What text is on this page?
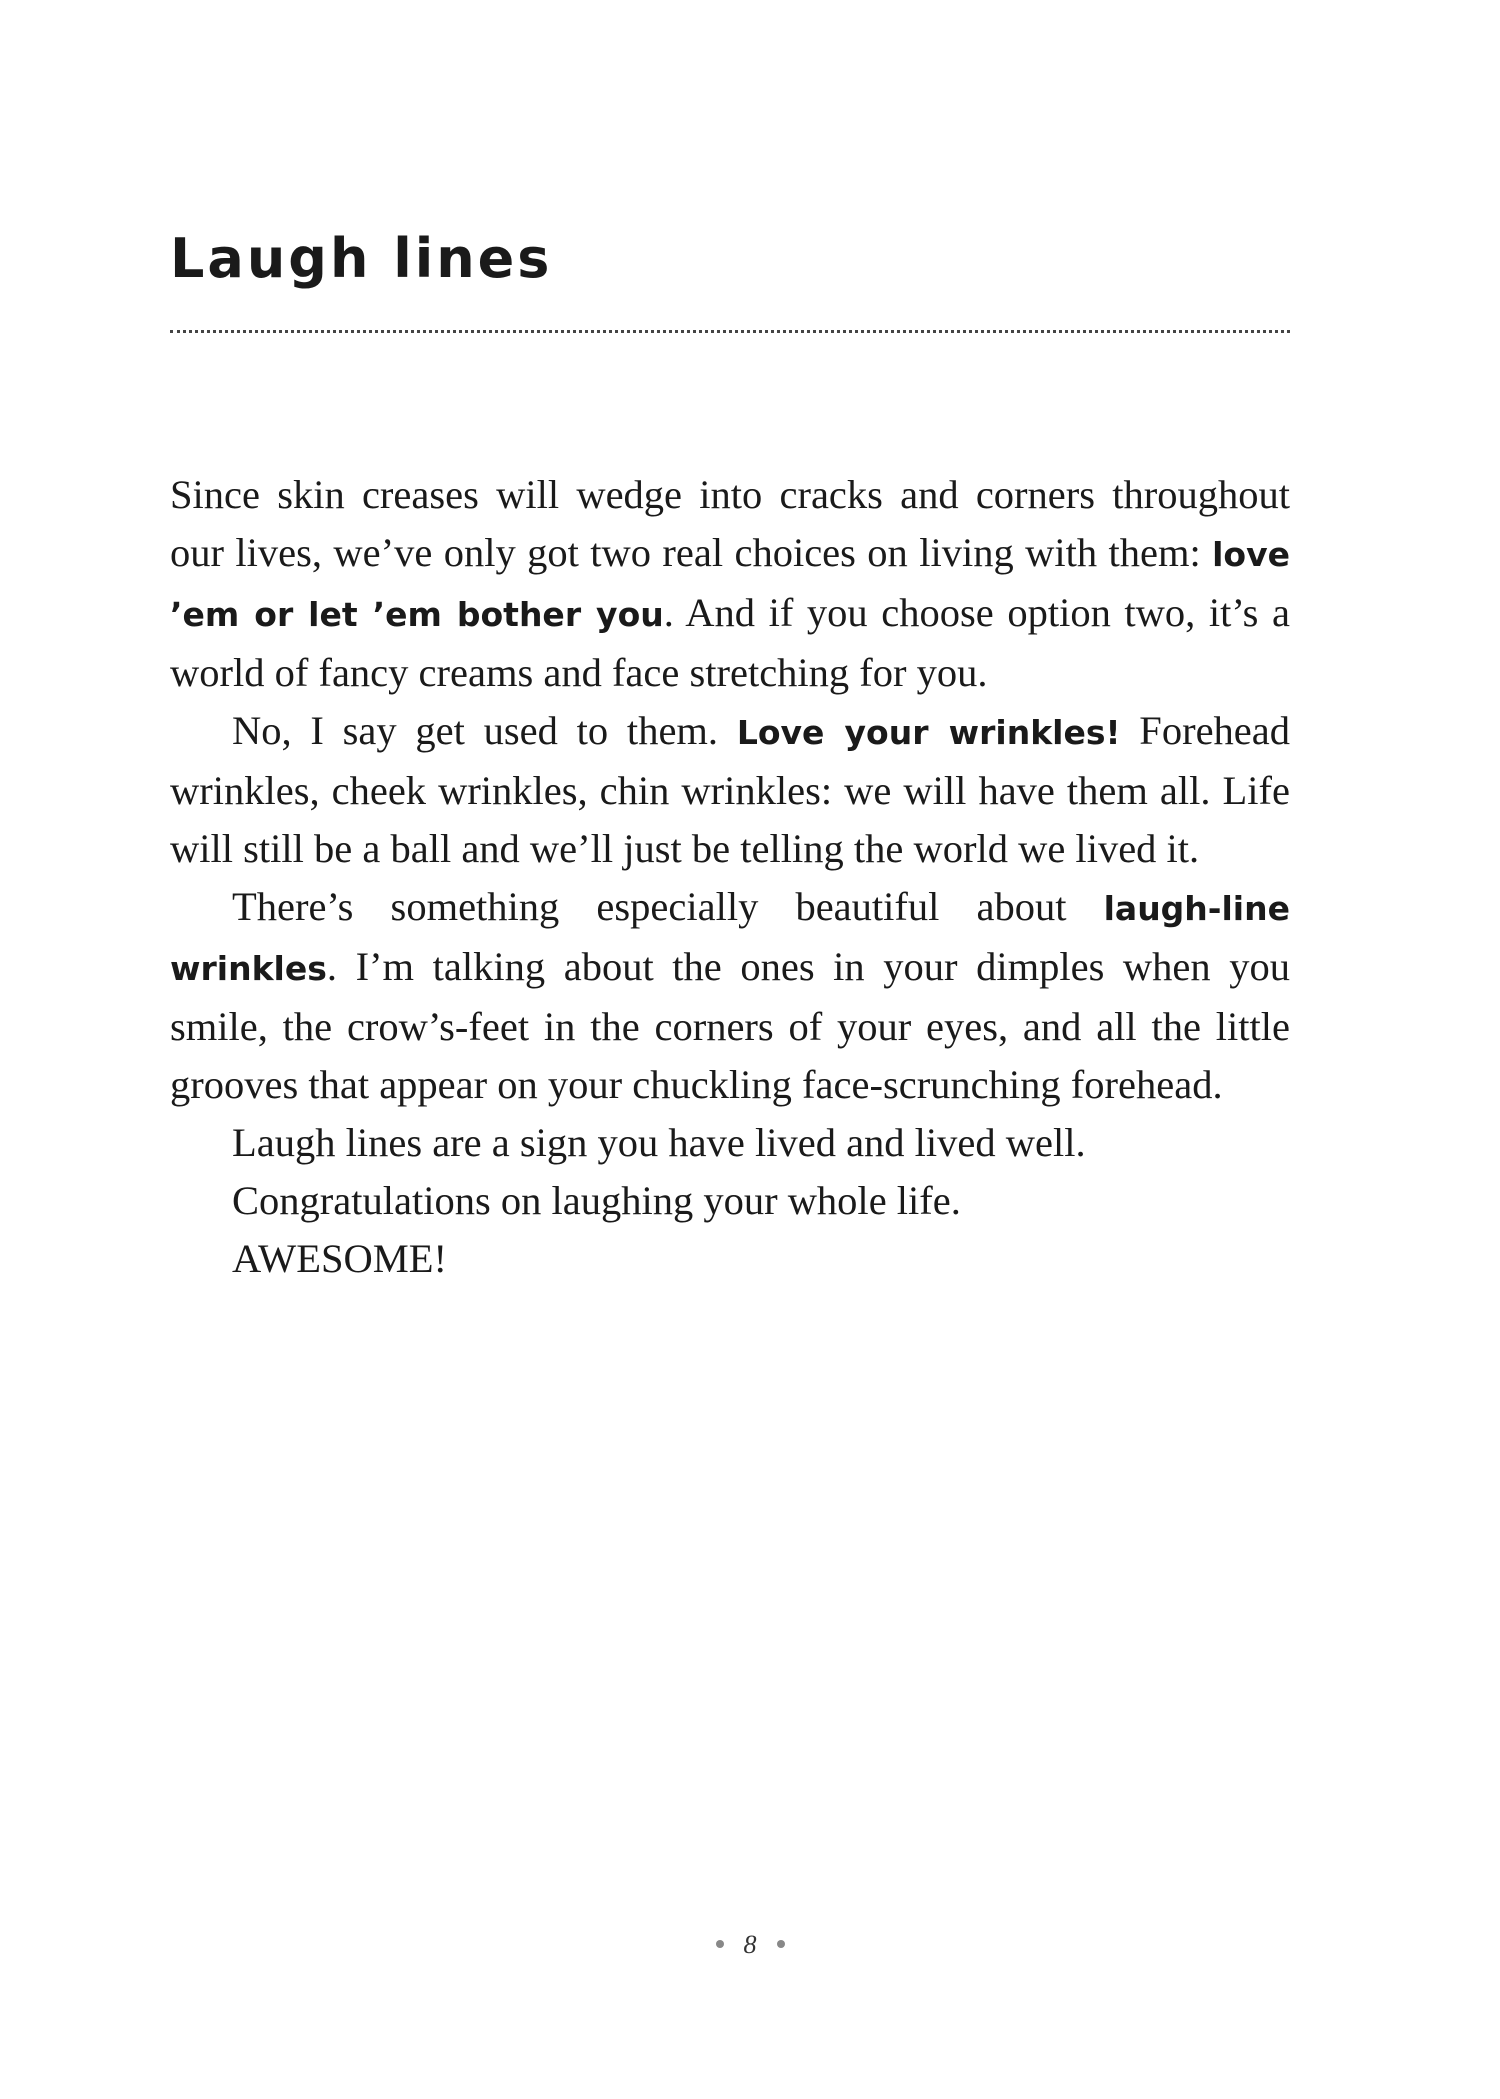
Laugh lines

Since skin creases will wedge into cracks and corners throughout our lives, we’ve only got two real choices on living with them: love ’em or let ’em bother you. And if you choose option two, it’s a world of fancy creams and face stretching for you.

No, I say get used to them. Love your wrinkles! Forehead wrinkles, cheek wrinkles, chin wrinkles: we will have them all. Life will still be a ball and we’ll just be telling the world we lived it.

There’s something especially beautiful about laugh-line wrinkles. I’m talking about the ones in your dimples when you smile, the crow’s-feet in the corners of your eyes, and all the little grooves that appear on your chuckling face-scrunching forehead.

Laugh lines are a sign you have lived and lived well.

Congratulations on laughing your whole life.

AWESOME!

8
